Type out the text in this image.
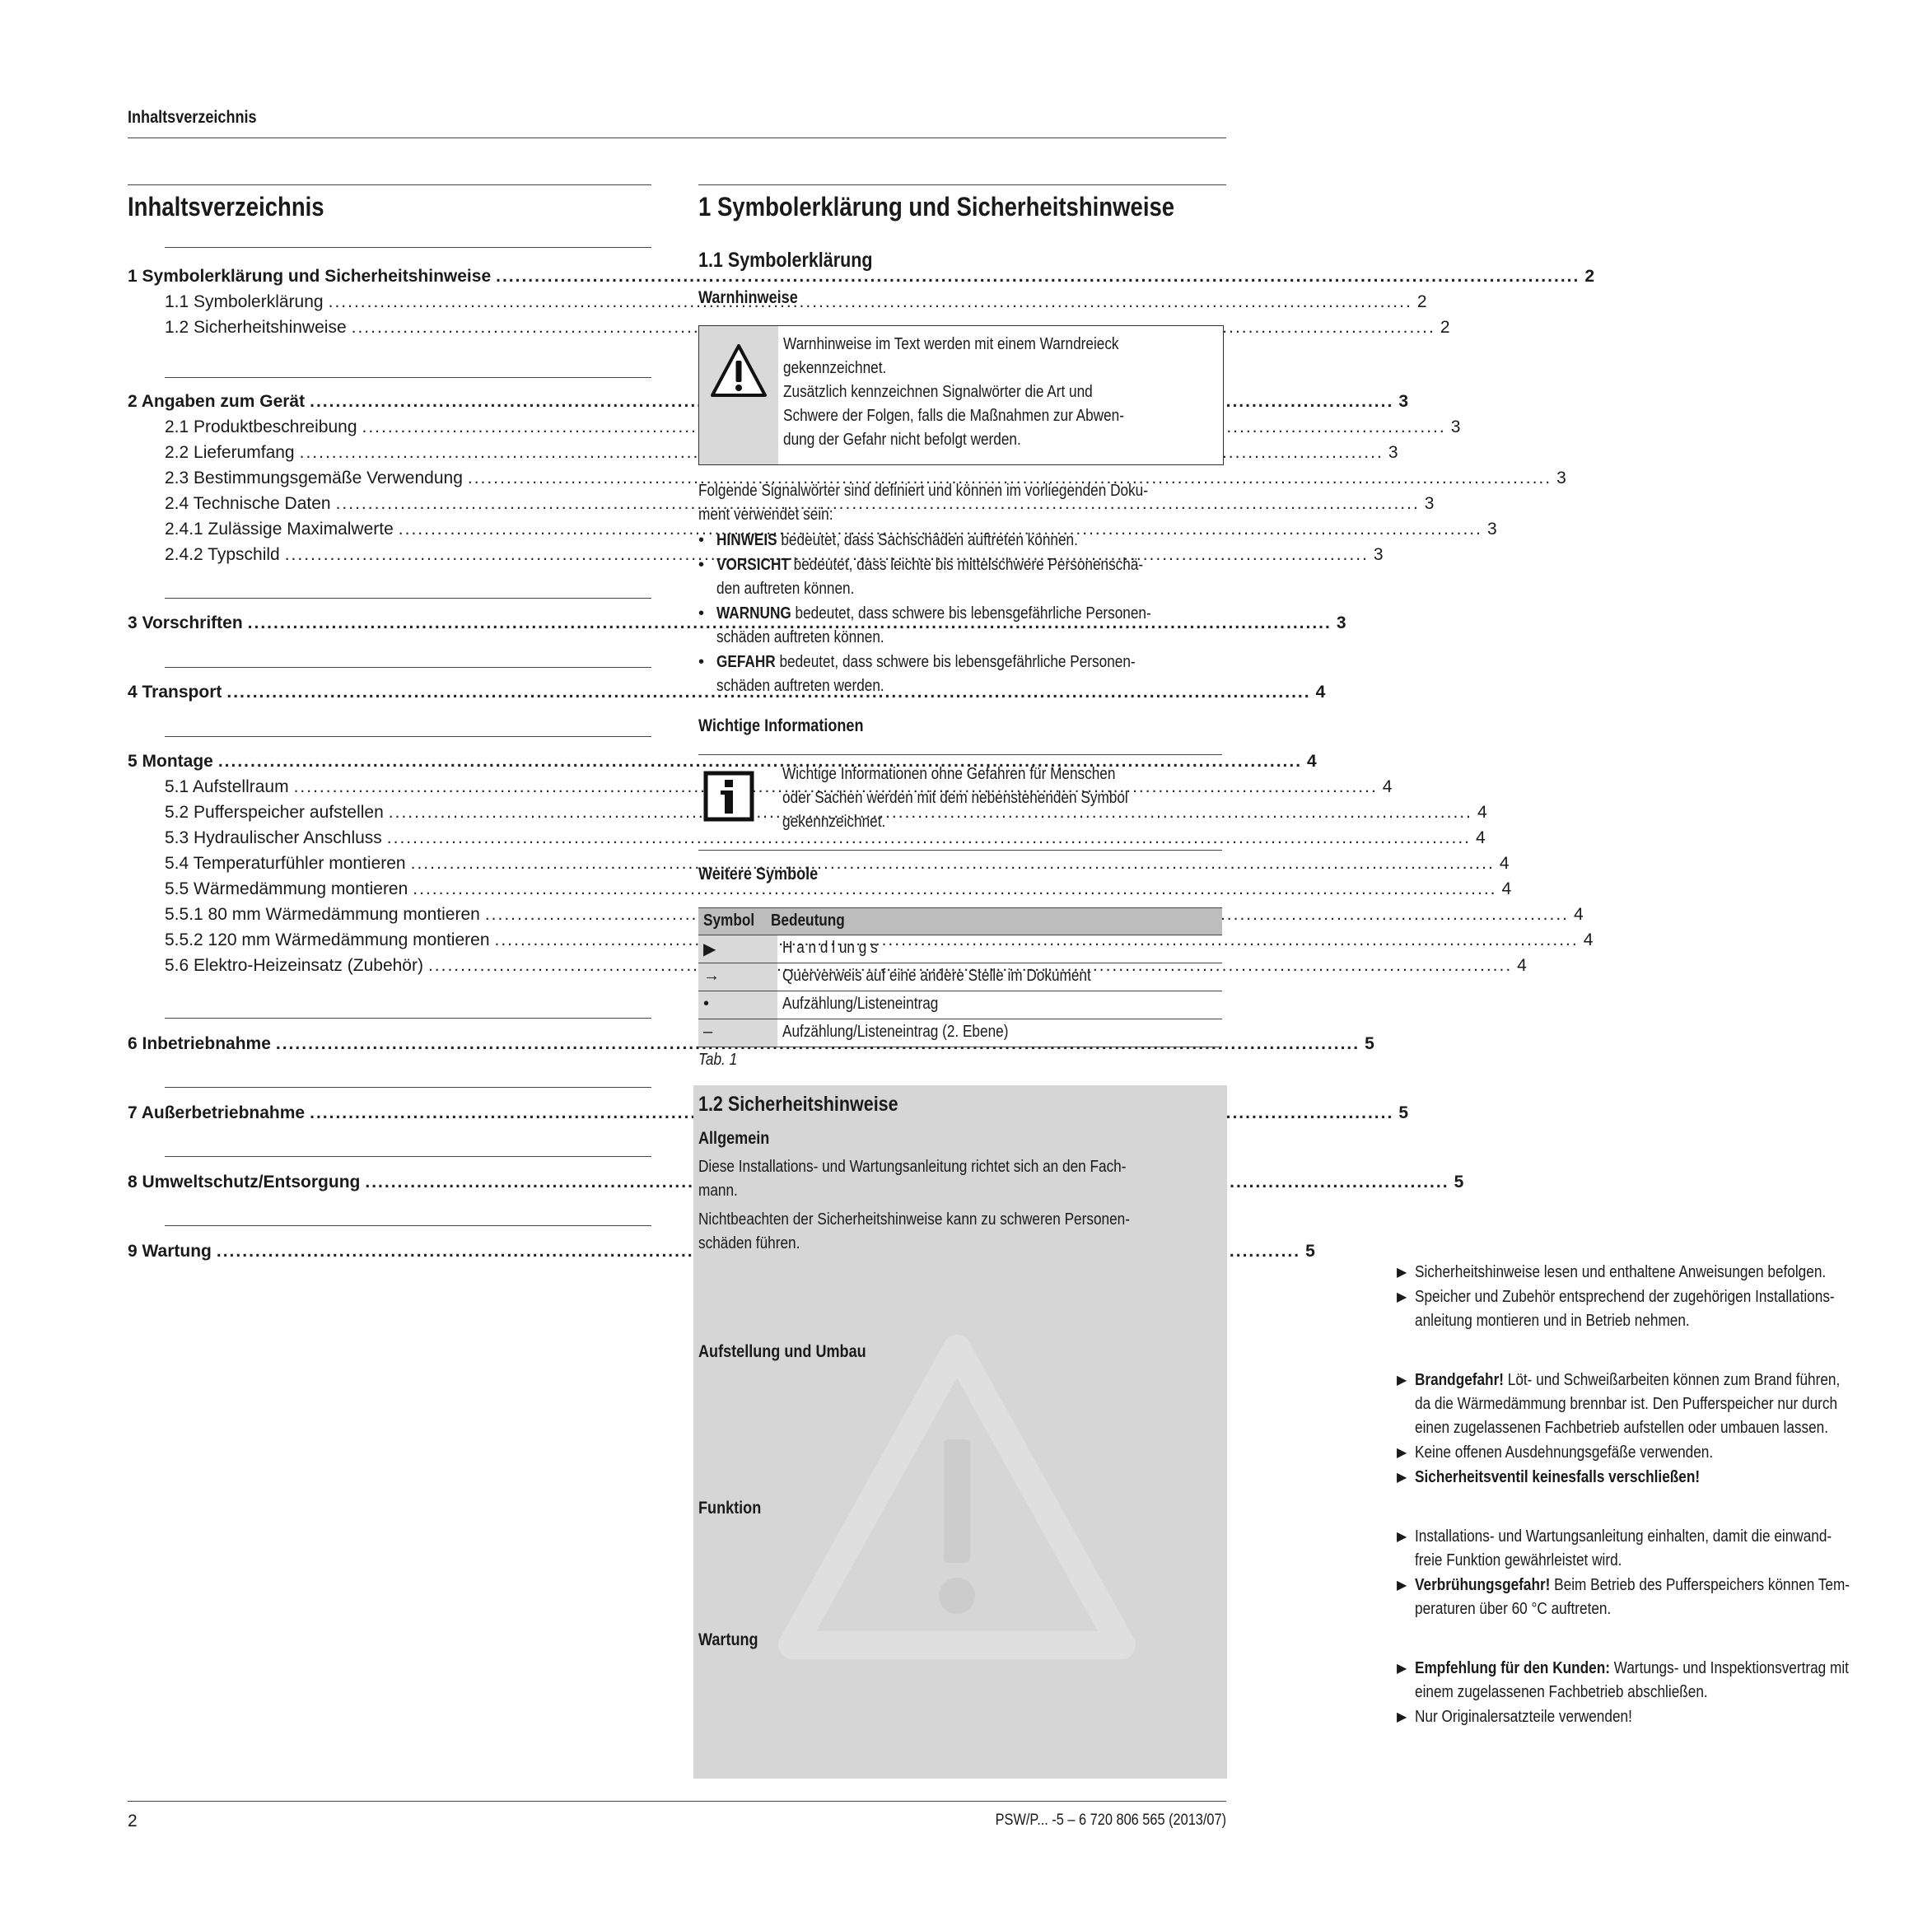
Inhaltsverzeichnis
Inhaltsverzeichnis
1 Symbolerklärung und Sicherheitshinweise .....	2
1.1 Symbolerklärung .....	2
1.2 Sicherheitshinweise .....	2
2 Angaben zum Gerät .....	3
2.1 Produktbeschreibung .....	3
2.2 Lieferumfang .....	3
2.3 Bestimmungsgemäße Verwendung .....	3
2.4 Technische Daten .....	3
2.4.1 Zulässige Maximalwerte .....	3
2.4.2 Typschild .....	3
3 Vorschriften .....	3
4 Transport .....	4
5 Montage .....	4
5.1 Aufstellraum .....	4
5.2 Pufferspeicher aufstellen .....	4
5.3 Hydraulischer Anschluss .....	4
5.4 Temperaturfühler montieren .....	4
5.5 Wärmedämmung montieren .....	4
5.5.1 80 mm Wärmedämmung montieren .....	4
5.5.2 120 mm Wärmedämmung montieren .....	4
5.6 Elektro-Heizeinsatz (Zubehör) .....	4
6 Inbetriebnahme .....	5
7 Außerbetriebnahme .....	5
8 Umweltschutz/Entsorgung .....	5
9 Wartung .....	5
1 Symbolerklärung und Sicherheitshinweise
1.1 Symbolerklärung
Warnhinweise
Warnhinweise im Text werden mit einem Warndreieck
gekennzeichnet.
Zusätzlich kennzeichnen Signalwörter die Art und
Schwere der Folgen, falls die Maßnahmen zur Abwen-
dung der Gefahr nicht befolgt werden.
Folgende Signalwörter sind definiert und können im vorliegenden Doku-
ment verwendet sein:
• HINWEIS bedeutet, dass Sachschäden auftreten können.
• VORSICHT bedeutet, dass leichte bis mittelschwere Personenschä-
den auftreten können.
• WARNUNG bedeutet, dass schwere bis lebensgefährliche Personen-
schäden auftreten können.
• GEFAHR bedeutet, dass schwere bis lebensgefährliche Personen-
schäden auftreten werden.
Wichtige Informationen
Wichtige Informationen ohne Gefahren für Menschen
oder Sachen werden mit dem nebenstehenden Symbol
gekennzeichnet.
Weitere Symbole
Symbol Bedeutung
▶	H a n d l un g s
→	Querverweis auf eine andere Stelle im Dokument
•	Aufzählung/Listeneintrag
–	Aufzählung/Listeneintrag (2. Ebene)
Tab. 1
1.2 Sicherheitshinweise
Allgemein
Diese Installations- und Wartungsanleitung richtet sich an den Fach-
mann.
Nichtbeachten der Sicherheitshinweise kann zu schweren Personen-
schäden führen.
▶ Sicherheitshinweise lesen und enthaltene Anweisungen befolgen.
▶ Speicher und Zubehör entsprechend der zugehörigen Installations-
anleitung montieren und in Betrieb nehmen.
Aufstellung und Umbau
▶ Brandgefahr! Löt- und Schweißarbeiten können zum Brand führen,
da die Wärmedämmung brennbar ist. Den Pufferspeicher nur durch
einen zugelassenen Fachbetrieb aufstellen oder umbauen lassen.
▶ Keine offenen Ausdehnungsgefäße verwenden.
▶ Sicherheitsventil keinesfalls verschließen!
Funktion
▶ Installations- und Wartungsanleitung einhalten, damit die einwand-
freie Funktion gewährleistet wird.
▶ Verbrühungsgefahr! Beim Betrieb des Pufferspeichers können Tem-
peraturen über 60 °C auftreten.
Wartung
▶ Empfehlung für den Kunden: Wartungs- und Inspektionsvertrag mit
einem zugelassenen Fachbetrieb abschließen.
▶ Nur Originalersatzteile verwenden!
2	PSW/P... -5 – 6 720 806 565 (2013/07)
